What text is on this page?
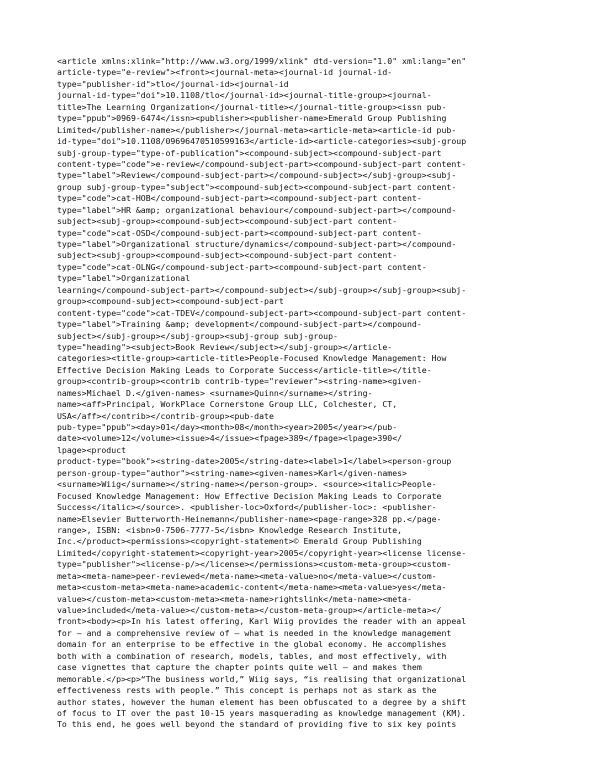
<article xmlns:xlink="http://www.w3.org/1999/xlink" dtd-version="1.0" xml:lang="en"
article-type="e-review"><front><journal-meta><journal-id journal-id-
type="publisher-id">tlo</journal-id><journal-id
journal-id-type="doi">10.1108/tlo</journal-id><journal-title-group><journal-
title>The Learning Organization</journal-title></journal-title-group><issn pub-
type="ppub">0969-6474</issn><publisher><publisher-name>Emerald Group Publishing
Limited</publisher-name></publisher></journal-meta><article-meta><article-id pub-
id-type="doi">10.1108/09696470510599163</article-id><article-categories><subj-group
subj-group-type="type-of-publication"><compound-subject><compound-subject-part
content-type="code">e-review</compound-subject-part><compound-subject-part content-
type="label">Review</compound-subject-part></compound-subject></subj-group><subj-
group subj-group-type="subject"><compound-subject><compound-subject-part content-
type="code">cat-HOB</compound-subject-part><compound-subject-part content-
type="label">HR &amp; organizational behaviour</compound-subject-part></compound-
subject><subj-group><compound-subject><compound-subject-part content-
type="code">cat-OSD</compound-subject-part><compound-subject-part content-
type="label">Organizational structure/dynamics</compound-subject-part></compound-
subject><subj-group><compound-subject><compound-subject-part content-
type="code">cat-OLNG</compound-subject-part><compound-subject-part content-
type="label">Organizational
learning</compound-subject-part></compound-subject></subj-group></subj-group><subj-
group><compound-subject><compound-subject-part
content-type="code">cat-TDEV</compound-subject-part><compound-subject-part content-
type="label">Training &amp; development</compound-subject-part></compound-
subject></subj-group></subj-group><subj-group subj-group-
type="heading"><subject>Book Review</subject></subj-group></article-
categories><title-group><article-title>People-Focused Knowledge Management: How
Effective Decision Making Leads to Corporate Success</article-title></title-
group><contrib-group><contrib contrib-type="reviewer"><string-name><given-
names>Michael D.</given-names> <surname>Quinn</surname></string-
name><aff>Principal, WorkPlace Cornerstone Group LLC, Colchester, CT,
USA</aff></contrib></contrib-group><pub-date
pub-type="ppub"><day>01</day><month>08</month><year>2005</year></pub-
date><volume>12</volume><issue>4</issue><fpage>389</fpage><lpage>390</
lpage><product
product-type="book"><string-date>2005</string-date><label>1</label><person-group
person-group-type="author"><string-name><given-names>Karl</given-names>
<surname>Wiig</surname></string-name></person-group>. <source><italic>People-
Focused Knowledge Management: How Effective Decision Making Leads to Corporate
Success</italic></source>. <publisher-loc>Oxford</publisher-loc>: <publisher-
name>Elsevier Butterworth-Heinemann</publisher-name><page-range>328 pp.</page-
range>, ISBN: <isbn>0-7506-7777-5</isbn> Knowledge Research Institute,
Inc.</product><permissions><copyright-statement>© Emerald Group Publishing
Limited</copyright-statement><copyright-year>2005</copyright-year><license license-
type="publisher"><license-p/></license></permissions><custom-meta-group><custom-
meta><meta-name>peer-reviewed</meta-name><meta-value>no</meta-value></custom-
meta><custom-meta><meta-name>academic-content</meta-name><meta-value>yes</meta-
value></custom-meta><custom-meta><meta-name>rightslink</meta-name><meta-
value>included</meta-value></custom-meta></custom-meta-group></article-meta></
front><body><p>In his latest offering, Karl Wiig provides the reader with an appeal
for – and a comprehensive review of – what is needed in the knowledge management
domain for an enterprise to be effective in the global economy. He accomplishes
both with a combination of research, models, tables, and most effectively, with
case vignettes that capture the chapter points quite well – and makes them
memorable.</p><p>“The business world,” Wiig says, “is realising that organizational
effectiveness rests with people.” This concept is perhaps not as stark as the
author states, however the human element has been obfuscated to a degree by a shift
of focus to IT over the past 10-15 years masquerading as knowledge management (KM).
To this end, he goes well beyond the standard of providing five to six key points
